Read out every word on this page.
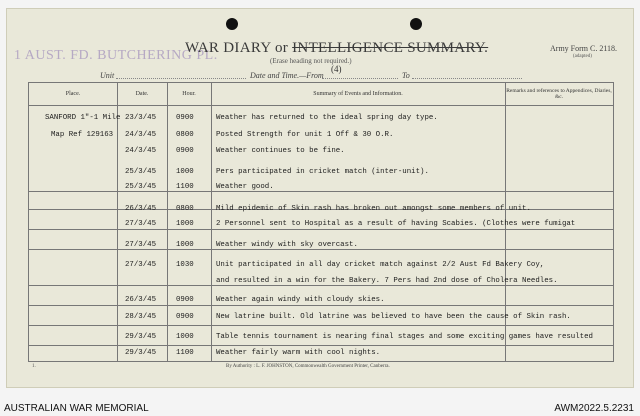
1 AUST. FD. BUTCHERING PL.
WAR DIARY or INTELLIGENCE SUMMARY.
(Erase heading not required.)
(4)
Army Form C. 2118.
(adapted)
Unit	Date and Time.—From	To
Place.	Date.	Hour.	Summary of Events and Information.	Remarks and references to Appendices, Diaries, &c.
SANFORD 1"-1 Mile 23/3/45	0900	Weather has returned to the ideal spring day type.
Map Ref 129163 24/3/45	0800	Posted Strength for unit 1 Off & 30 O.R.
24/3/45	0900	Weather continues to be fine.
25/3/45	1000	Pers participated in cricket match (inter-unit).
25/3/45	1100	Weather good.
26/3/45	0800	Mild epidemic of Skin rash has broken out amongst some members of unit.
27/3/45	1000	2 Personnel sent to Hospital as a result of having Scabies. (Clothes were fumigat
27/3/45	1000	Weather windy with sky overcast.
27/3/45	1030	Unit participated in all day cricket match against 2/2 Aust Fd Bakery Coy,
and resulted in a win for the Bakery. 7 Pers had 2nd dose of Cholera Needles.
26/3/45	0900	Weather again windy with cloudy skies.
28/3/45	0900	New latrine built. Old latrine was believed to have been the cause of Skin rash.
29/3/45	1000	Table tennis tournament is nearing final stages and some exciting games have resulted
29/3/45	1100	Weather fairly warm with cool nights.
1.	By Authority : L. F. JOHNSTON, Commonwealth Government Printer, Canberra.
AUSTRALIAN WAR MEMORIAL	AWM2022.5.2231
